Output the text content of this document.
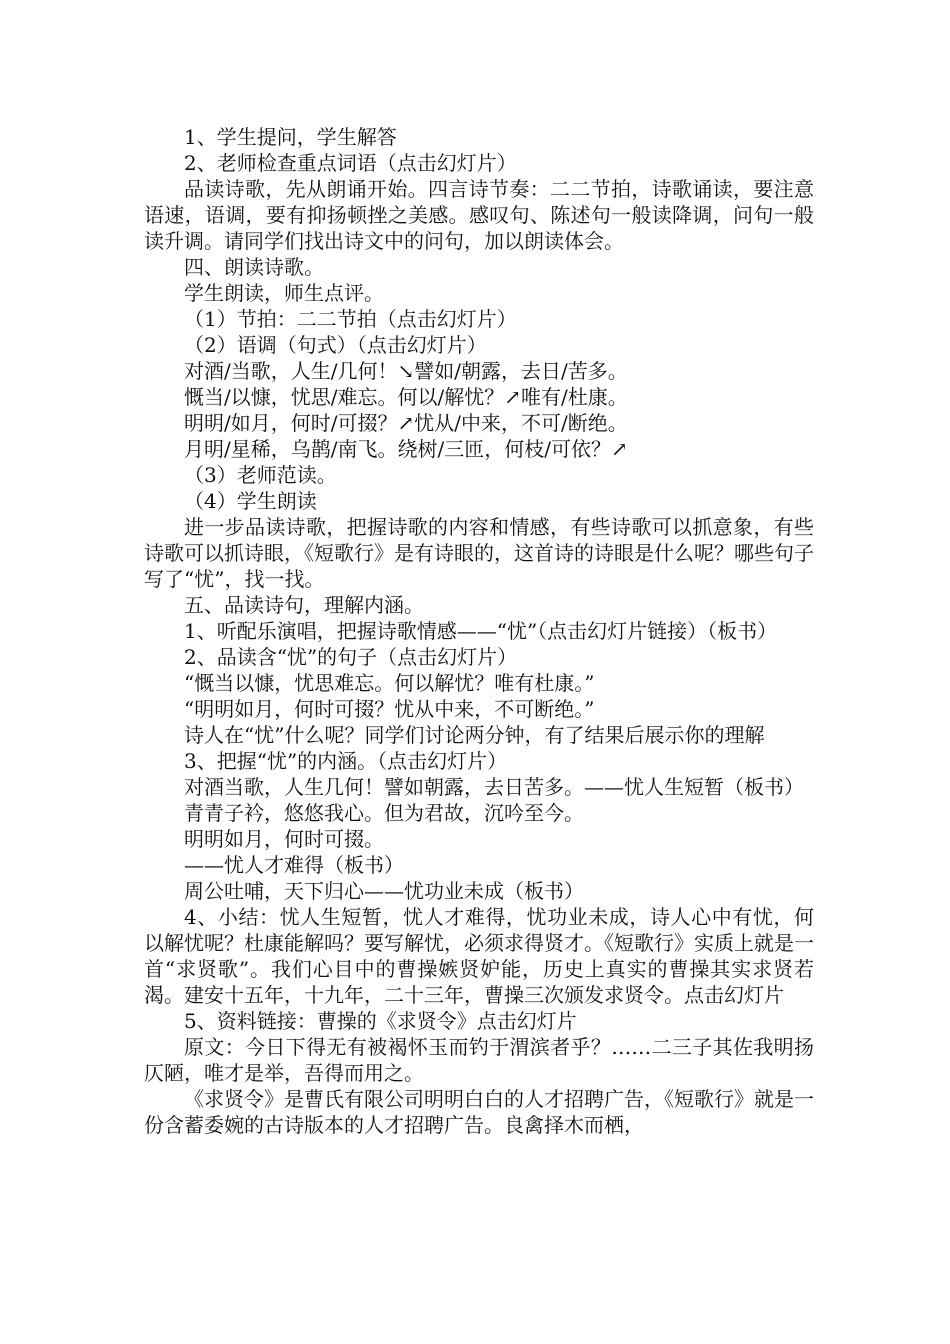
1、学生提问，学生解答

2、老师检查重点词语（点击幻灯片）

品读诗歌，先从朗诵开始。四言诗节奏：二二节拍，诗歌诵读，要注意语速，语调，要有抑扬顿挫之美感。感叹句、陈述句一般读降调，问句一般读升调。请同学们找出诗文中的问句，加以朗读体会。

四、朗读诗歌。

学生朗读，师生点评。

（1）节拍：二二节拍（点击幻灯片）

（2）语调（句式）（点击幻灯片）

对酒/当歌，人生/几何！↘譬如/朝露，去日/苦多。

慨当/以慷，忧思/难忘。何以/解忧？↗唯有/杜康。

明明/如月，何时/可掇？↗忧从/中来，不可/断绝。

月明/星稀，乌鹊/南飞。绕树/三匝，何枝/可依？↗

（3）老师范读。

（4）学生朗读

进一步品读诗歌，把握诗歌的内容和情感，有些诗歌可以抓意象，有些诗歌可以抓诗眼，《短歌行》是有诗眼的，这首诗的诗眼是什么呢？哪些句子写了“忧”，找一找。

五、品读诗句，理解内涵。

1、听配乐演唱，把握诗歌情感——“忧”（点击幻灯片链接）（板书）

2、品读含“忧”的句子（点击幻灯片）

“慨当以慷，忧思难忘。何以解忧？唯有杜康。”

“明明如月，何时可掇？忧从中来，不可断绝。”

诗人在“忧”什么呢？同学们讨论两分钟，有了结果后展示你的理解

3、把握“忧”的内涵。（点击幻灯片）

对酒当歌，人生几何！譬如朝露，去日苦多。——忧人生短暂（板书）

青青子衿，悠悠我心。但为君故，沉吟至今。

明明如月，何时可掇。

——忧人才难得（板书）

周公吐哺，天下归心——忧功业未成（板书）

4、小结：忧人生短暂，忧人才难得，忧功业未成，诗人心中有忧，何以解忧呢？杜康能解吗？要写解忧，必须求得贤才。《短歌行》实质上就是一首“求贤歌”。我们心目中的曹操嫉贤妒能，历史上真实的曹操其实求贤若渴。建安十五年，十九年，二十三年，曹操三次颁发求贤令。点击幻灯片

5、资料链接：曹操的《求贤令》点击幻灯片

原文：今日下得无有被褐怀玉而钓于渭滨者乎？……二三子其佐我明扬仄陋，唯才是举，吾得而用之。

《求贤令》是曹氏有限公司明明白白的人才招聘广告，《短歌行》就是一份含蓄委婉的古诗版本的人才招聘广告。良禽择木而栖，
